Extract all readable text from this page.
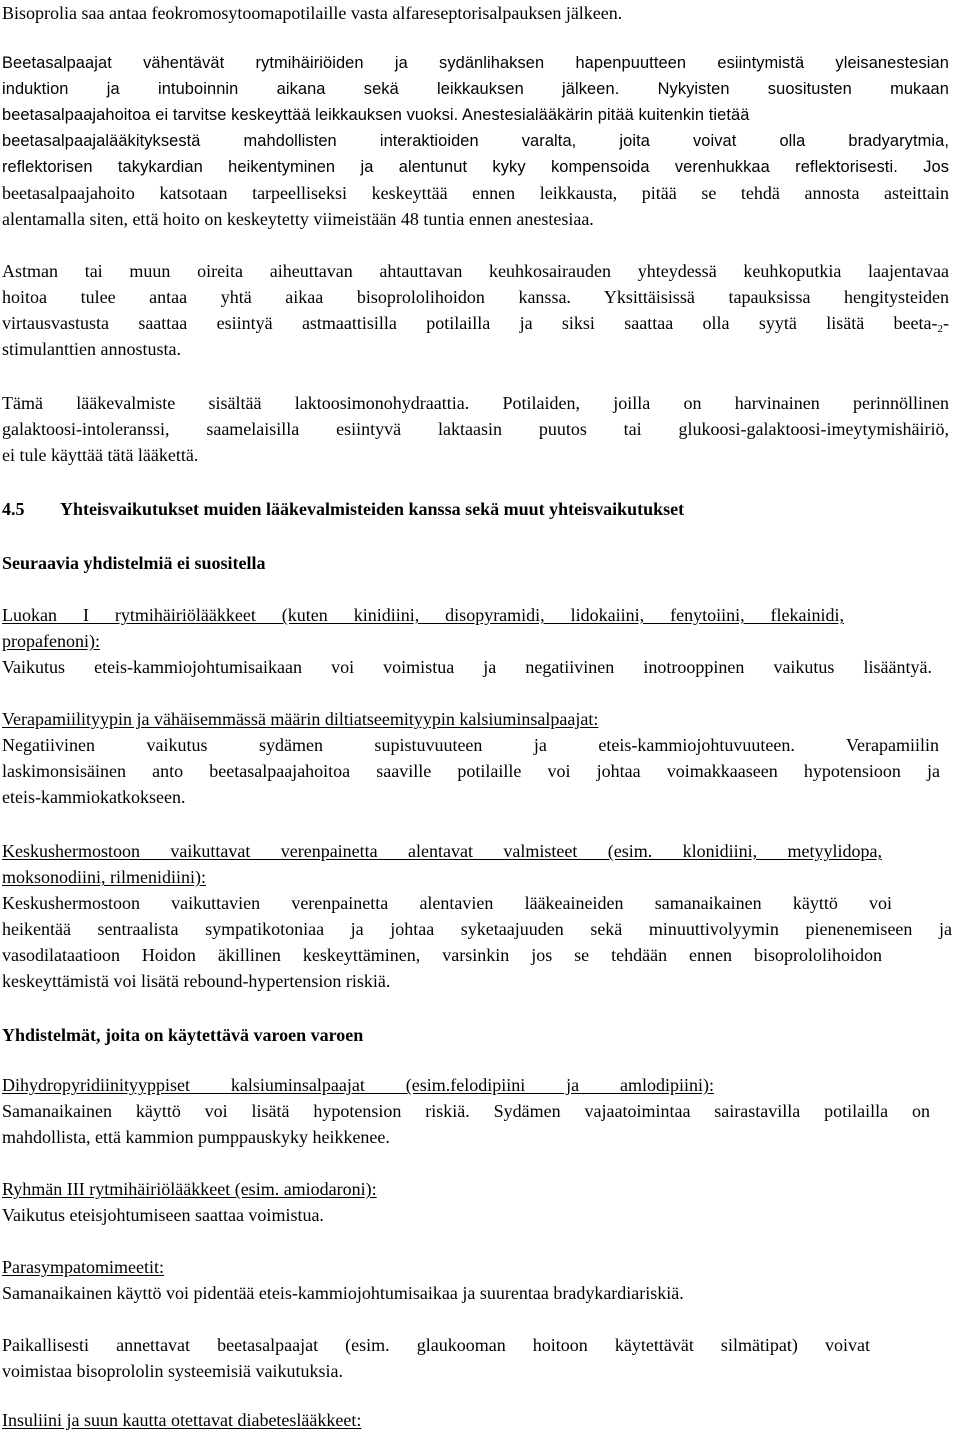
Bisoprolia saa antaa feokromosytoomapotilaille vasta alfareseptorisalpauksen jälkeen.
Beetasalpaajat vähentävät rytmihäiriöiden ja sydänlihaksen hapenpuutteen esiintymistä yleisanestesian
induktion ja intuboinnin aikana sekä leikkauksen jälkeen. Nykyisten suositusten mukaan
beetasalpaajahoitoa ei tarvitse keskeyttää leikkauksen vuoksi. Anestesialääkärin pitää kuitenkin tietää
beetasalpaajalääkityksestä mahdollisten interaktioiden varalta, joita voivat olla bradyarytmia,
reflektorisen takykardian heikentyminen ja alentunut kyky kompensoida verenhukkaa reflektorisesti. Jos
beetasalpaajahoito katsotaan tarpeelliseksi keskeyttää ennen leikkausta, pitää se tehdä annosta asteittain
alentamalla siten, että hoito on keskeytetty viimeistään 48 tuntia ennen anestesiaa.
Astman tai muun oireita aiheuttavan ahtauttavan keuhkosairauden yhteydessä keuhkoputkia laajentavaa
hoitoa tulee antaa yhtä aikaa bisoprololihoidon kanssa. Yksittäisissä tapauksissa hengitysteiden
virtausvastusta saattaa esiintyä astmaattisilla potilailla ja siksi saattaa olla syytä lisätä beeta-$_2-$
stimulanttien annostusta.
Tämä lääkevalmiste sisältää laktoosimonohydraattia. Potilaiden, joilla on harvinainen perinnöllinen
galaktoosi-intoleranssi, saamelaisilla esiintyvä laktaasin puutos tai glukoosi-galaktoosi-imeytymishäiriö,
ei tule käyttää tätä lääkettä.
4.5 Yhteisvaikutukset muiden lääkevalmisteiden kanssa sekä muut yhteisvaikutukset
Seuraavia yhdistelmiä ei suositella
Luokan I rytmihäiriölääkkeet (kuten kinidiini, disopyramidi, lidokaiini, fenytoiini, flekainidi,
propafenoni):
Vaikutus eteis-kammiojohtumisaikaan voi voimistua ja negatiivinen inotrooppinen vaikutus lisääntyä.
Verapamiilityypin ja vähäisemmässä määrin diltiatseemityypin kalsiuminsalpaajat:
Negatiivinen vaikutus sydämen supistuvuuteen ja eteis-kammiojohtuvuuteen. Verapamiilin
laskimonsisäinen anto beetasalpaajahoitoa saaville potilaille voi johtaa voimakkaaseen hypotensioon ja
eteis-kammiokatkokseen.
Keskushermostoon vaikuttavat verenpainetta alentavat valmisteet (esim. klonidiini, metyylidopa,
moksonodiini, rilmenidiini):
Keskushermostoon vaikuttavien verenpainetta alentavien lääkeaineiden samanaikainen käyttö voi
heikentää sentraalista sympatikotoniaa ja johtaa syketaajuuden sekä minuuttivolyymin pienenemiseen ja
vasodilataatioon Hoidon äkillinen keskeyttäminen, varsinkin jos se tehdään ennen bisoprololihoidon
keskeyttämistä voi lisätä rebound-hypertension riskiä.
Yhdistelmät, joita on käytettävä varoen varoen
Dihydropyridiinityyppiset kalsiuminsalpaajat (esim.felodipiini ja amlodipiini):
Samanaikainen käyttö voi lisätä hypotension riskiä. Sydämen vajaatoimintaa sairastavilla potilailla on
mahdollista, että kammion pumppauskyky heikkenee.
Ryhmän III rytmihäiriölääkkeet (esim. amiodaroni):
Vaikutus eteisjohtumiseen saattaa voimistua.
Parasympatomimeetit:
Samanaikainen käyttö voi pidentää eteis-kammiojohtumisaikaa ja suurentaa bradykardiariskiä.
Paikallisesti annettavat beetasalpaajat (esim. glaukooman hoitoon käytettävät silmätipat) voivat
voimistaa bisoprololin systeemisiä vaikutuksia.
Insuliini ja suun kautta otettavat diabeteslääkkeet:
